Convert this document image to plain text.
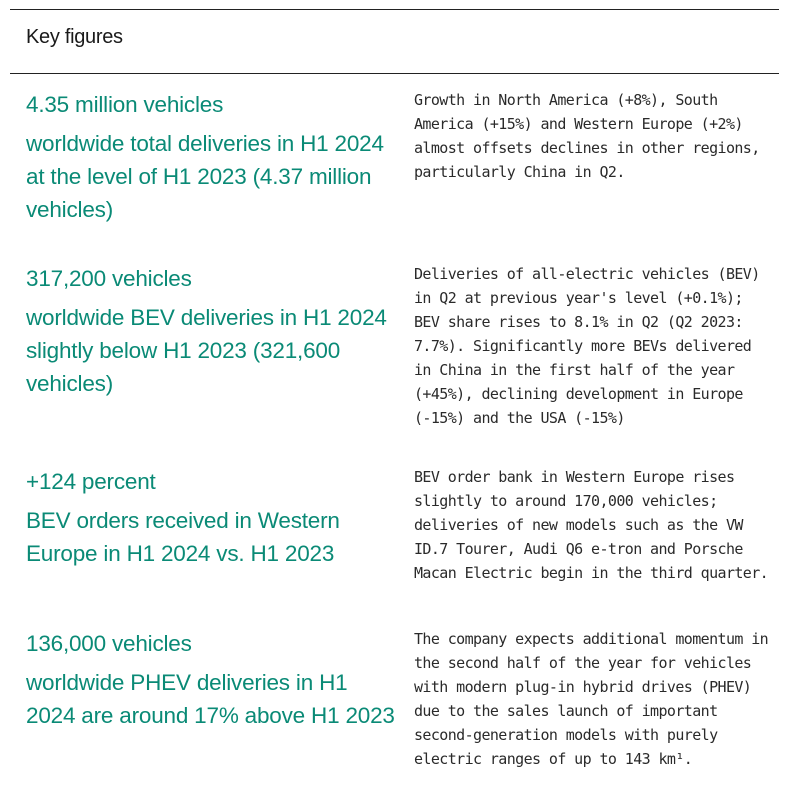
Key figures
4.35 million vehicles
worldwide total deliveries in H1 2024 at the level of H1 2023 (4.37 million vehicles)
Growth in North America (+8%), South America (+15%) and Western Europe (+2%) almost offsets declines in other regions, particularly China in Q2.
317,200 vehicles
worldwide BEV deliveries in H1 2024 slightly below H1 2023 (321,600 vehicles)
Deliveries of all-electric vehicles (BEV) in Q2 at previous year's level (+0.1%); BEV share rises to 8.1% in Q2 (Q2 2023: 7.7%). Significantly more BEVs delivered in China in the first half of the year (+45%), declining development in Europe (-15%) and the USA (-15%)
+124 percent
BEV orders received in Western Europe in H1 2024 vs. H1 2023
BEV order bank in Western Europe rises slightly to around 170,000 vehicles; deliveries of new models such as the VW ID.7 Tourer, Audi Q6 e-tron and Porsche Macan Electric begin in the third quarter.
136,000 vehicles
worldwide PHEV deliveries in H1 2024 are around 17% above H1 2023
The company expects additional momentum in the second half of the year for vehicles with modern plug-in hybrid drives (PHEV) due to the sales launch of important second-generation models with purely electric ranges of up to 143 km¹.
